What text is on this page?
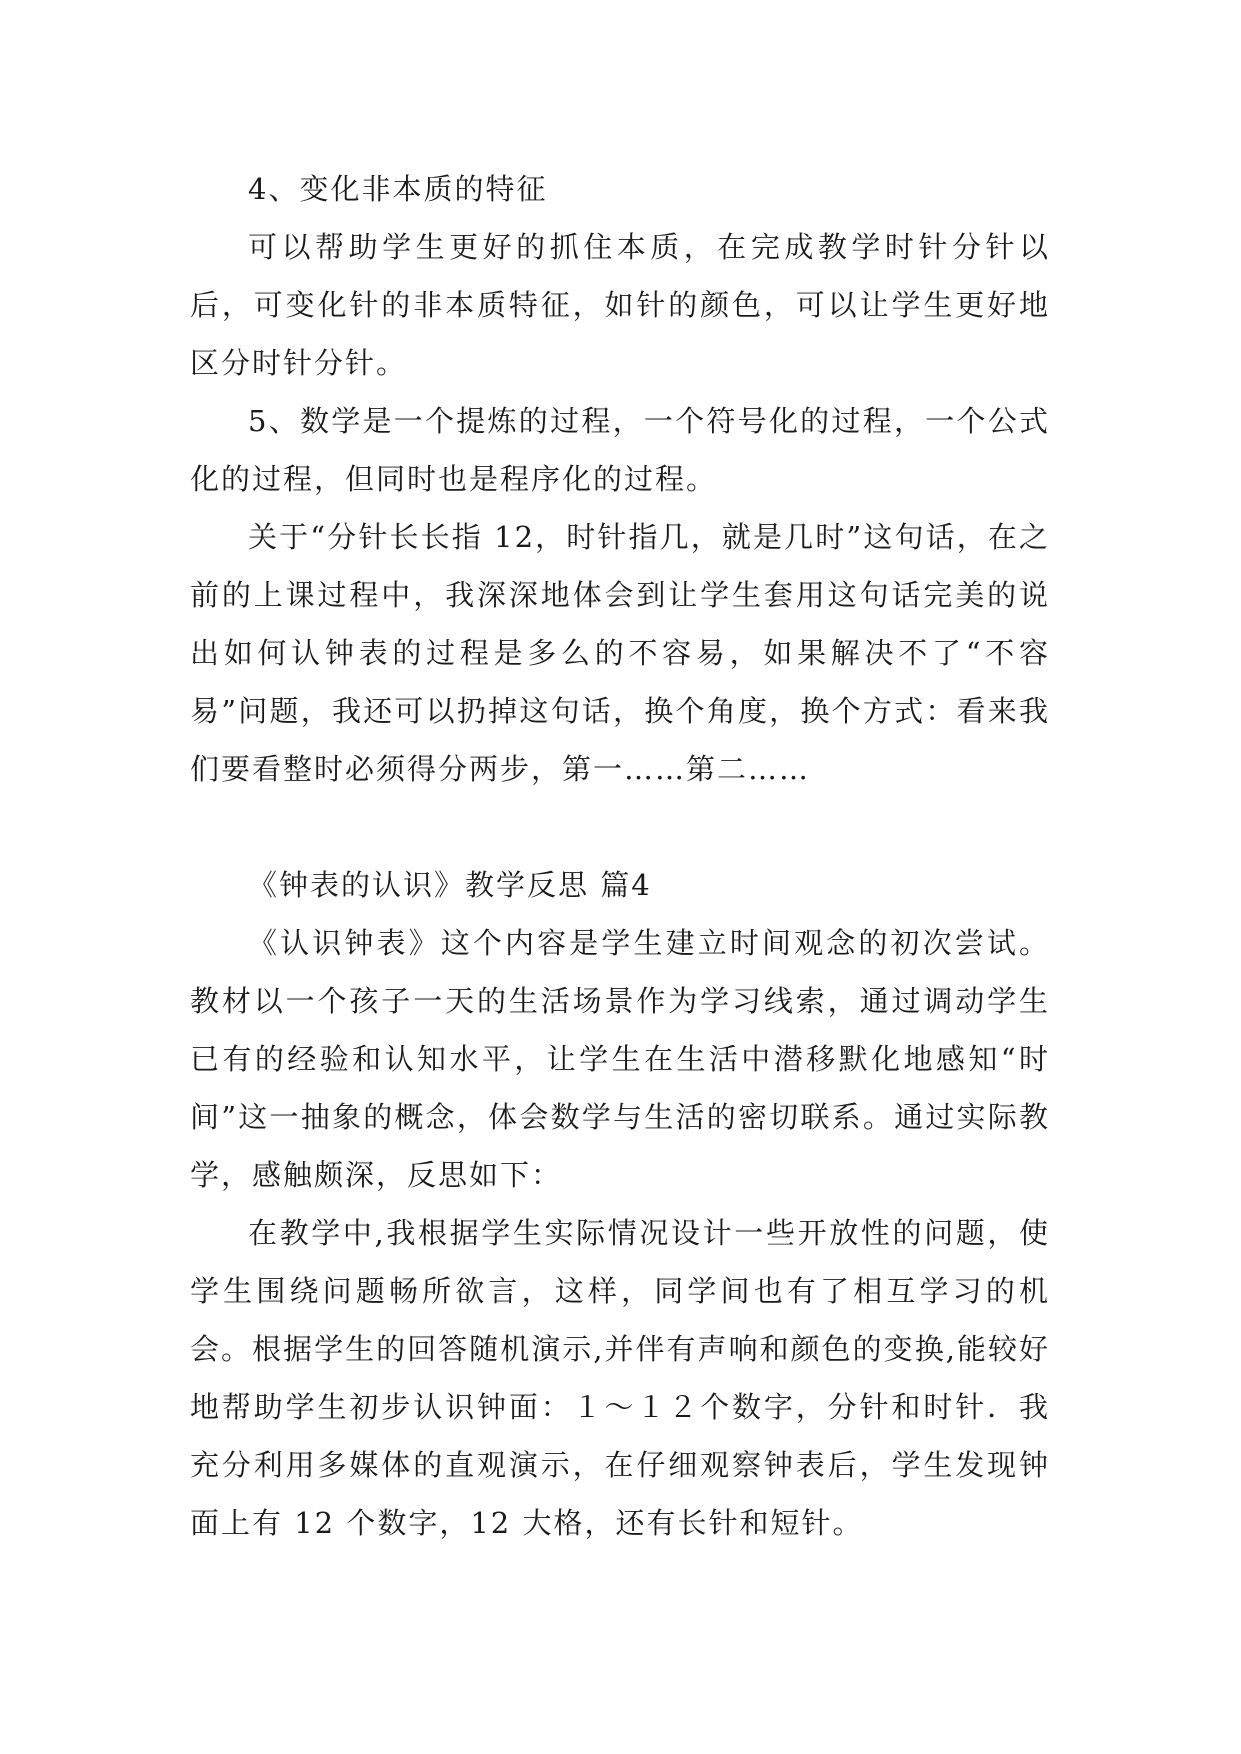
4、变化非本质的特征

可以帮助学生更好的抓住本质，在完成教学时针分针以后，可变化针的非本质特征，如针的颜色，可以让学生更好地区分时针分针。

5、数学是一个提炼的过程，一个符号化的过程，一个公式化的过程，但同时也是程序化的过程。

关于“分针长长指 12，时针指几，就是几时”这句话，在之前的上课过程中，我深深地体会到让学生套用这句话完美的说出如何认钟表的过程是多么的不容易，如果解决不了“不容易”问题，我还可以扔掉这句话，换个角度，换个方式：看来我们要看整时必须得分两步，第一……第二……

《钟表的认识》教学反思 篇4

《认识钟表》这个内容是学生建立时间观念的初次尝试。教材以一个孩子一天的生活场景作为学习线索，通过调动学生已有的经验和认知水平，让学生在生活中潜移默化地感知“时间”这一抽象的概念，体会数学与生活的密切联系。通过实际教学，感触颇深，反思如下：

在教学中,我根据学生实际情况设计一些开放性的问题，使学生围绕问题畅所欲言，这样，同学间也有了相互学习的机会。根据学生的回答随机演示,并伴有声响和颜色的变换,能较好地帮助学生初步认识钟面：１～１２个数字，分针和时针．我充分利用多媒体的直观演示，在仔细观察钟表后，学生发现钟面上有 12 个数字，12 大格，还有长针和短针。
